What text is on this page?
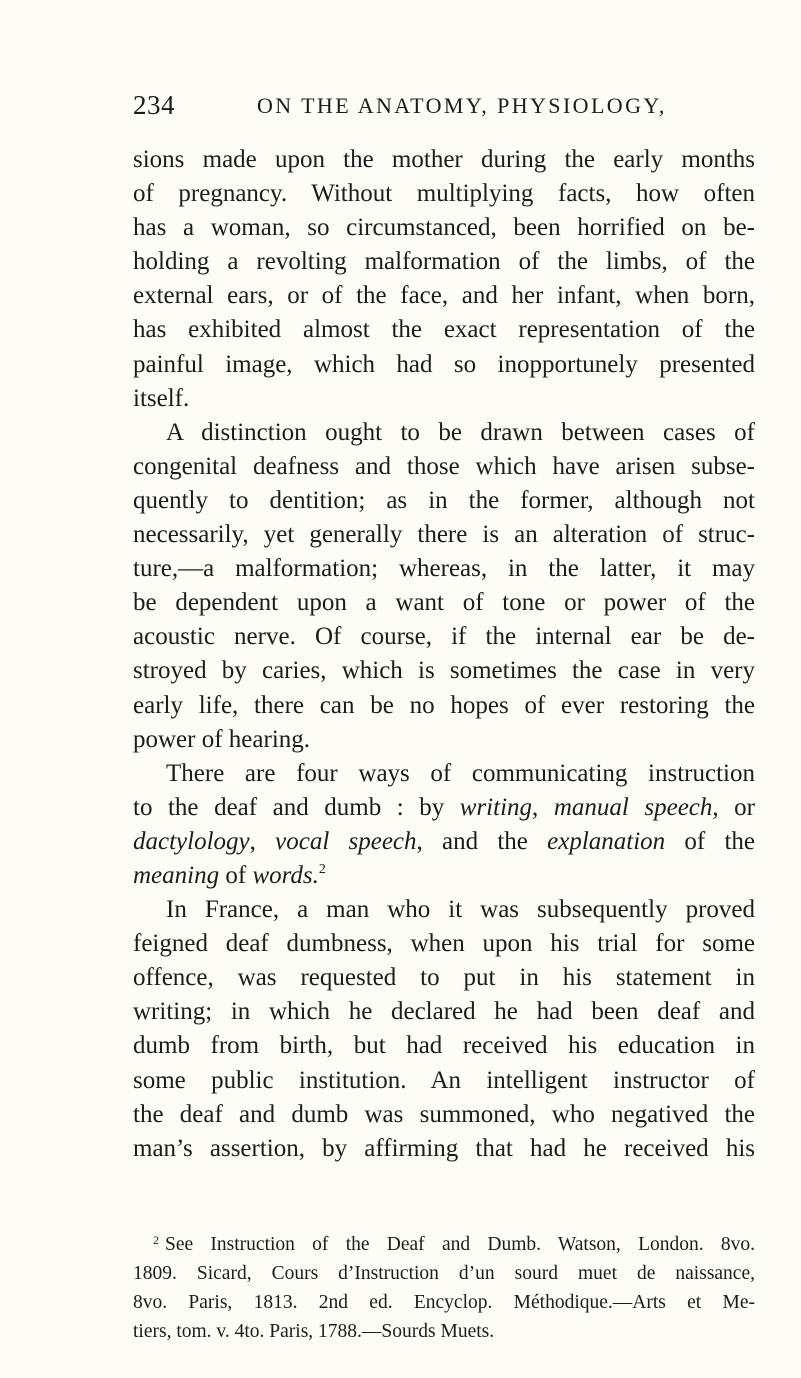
234	ON THE ANATOMY, PHYSIOLOGY,
sions made upon the mother during the early months
of pregnancy. Without multiplying facts, how often
has a woman, so circumstanced, been horrified on be-
holding a revolting malformation of the limbs, of the
external ears, or of the face, and her infant, when born,
has exhibited almost the exact representation of the
painful image, which had so inopportunely presented
itself.
A distinction ought to be drawn between cases of
congenital deafness and those which have arisen subse-
quently to dentition; as in the former, although not
necessarily, yet generally there is an alteration of struc-
ture,—a malformation; whereas, in the latter, it may
be dependent upon a want of tone or power of the
acoustic nerve. Of course, if the internal ear be de-
stroyed by caries, which is sometimes the case in very
early life, there can be no hopes of ever restoring the
power of hearing.
There are four ways of communicating instruction
to the deaf and dumb : by writing, manual speech, or
dactylology, vocal speech, and the explanation of the
meaning of words.$^2$
In France, a man who it was subsequently proved
feigned deaf dumbness, when upon his trial for some
offence, was requested to put in his statement in
writing; in which he declared he had been deaf and
dumb from birth, but had received his education in
some public institution. An intelligent instructor of
the deaf and dumb was summoned, who negatived the
man’s assertion, by affirming that had he received his
$^2$ See Instruction of the Deaf and Dumb. Watson, London. 8vo.
1809. Sicard, Cours d’Instruction d’un sourd muet de naissance,
8vo. Paris, 1813. 2nd ed. Encyclop. Méthodique.—Arts et Me-
tiers, tom. v. 4to. Paris, 1788.—Sourds Muets.
